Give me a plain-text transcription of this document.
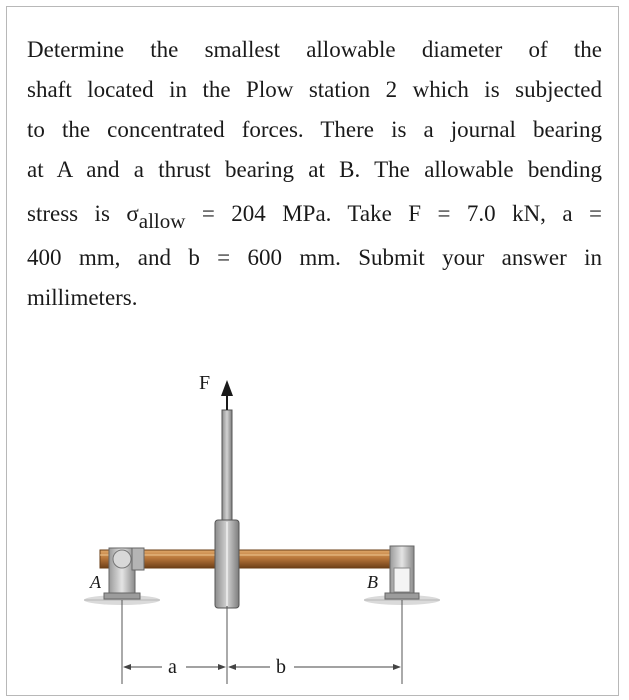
Determine the smallest allowable diameter of the
shaft located in the Plow station 2 which is subjected
to the concentrated forces. There is a journal bearing
at A and a thrust bearing at B. The allowable bending
stress is σallow = 204 MPa. Take F = 7.0 kN, a =
400 mm, and b = 600 mm. Submit your answer in
millimeters.
F
A	B
a	b
